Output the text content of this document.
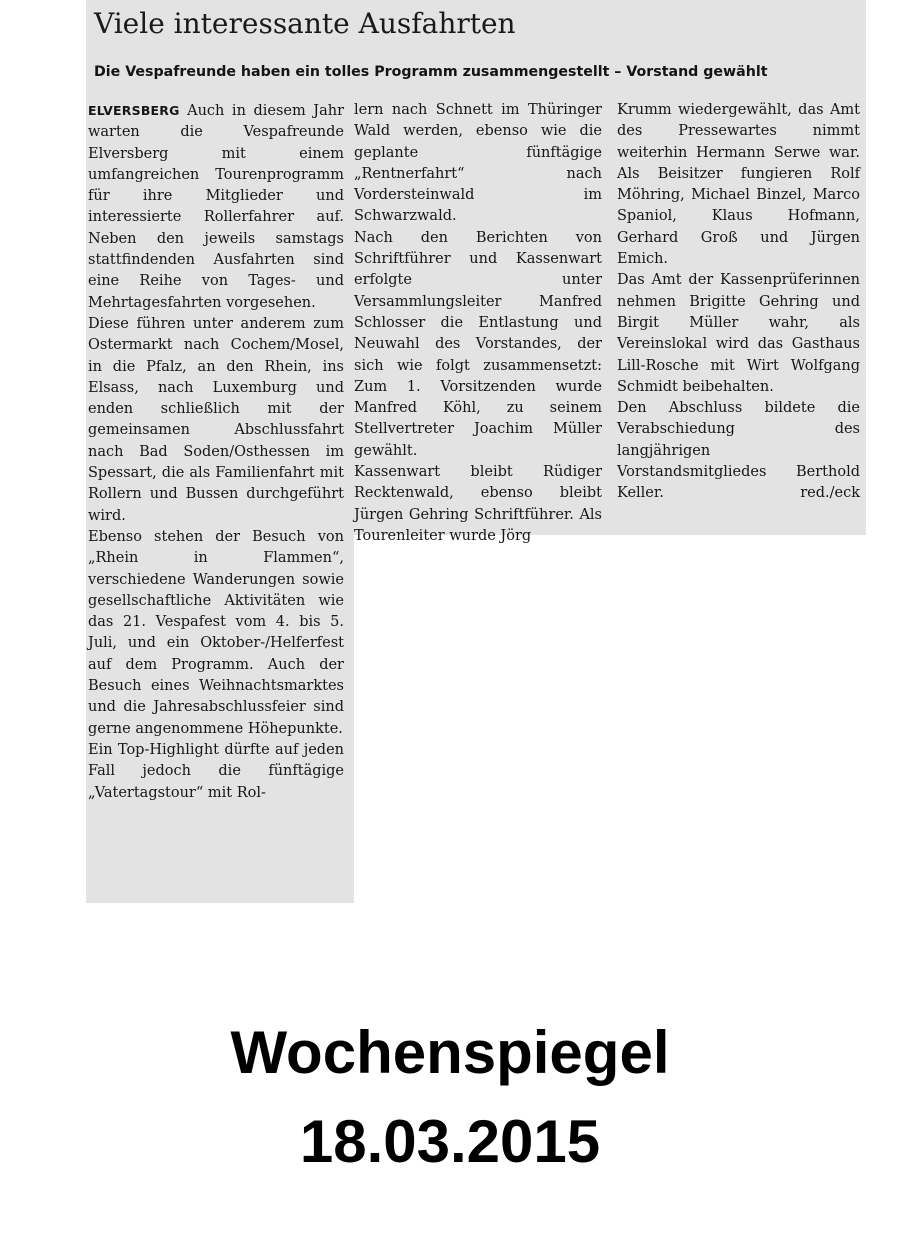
Viele interessante Ausfahrten
Die Vespafreunde haben ein tolles Programm zusammengestellt – Vorstand gewählt

ELVERSBERG Auch in diesem Jahr warten die Vespafreunde Elversberg mit einem umfangreichen Tourenprogramm für ihre Mitglieder und interessierte Rollerfahrer auf. Neben den jeweils samstags stattfindenden Ausfahrten sind eine Reihe von Tages- und Mehrtagesfahrten vorgesehen.

Diese führen unter anderem zum Ostermarkt nach Cochem/Mosel, in die Pfalz, an den Rhein, ins Elsass, nach Luxemburg und enden schließlich mit der gemeinsamen Abschlussfahrt nach Bad Soden/Osthessen im Spessart, die als Familienfahrt mit Rollern und Bussen durchgeführt wird.

Ebenso stehen der Besuch von „Rhein in Flammen“, verschiedene Wanderungen sowie gesellschaftliche Aktivitäten wie das 21. Vespafest vom 4. bis 5. Juli, und ein Oktober-/Helferfest auf dem Programm. Auch der Besuch eines Weihnachtsmarktes und die Jahresabschlussfeier sind gerne angenommene Höhepunkte.

Ein Top-Highlight dürfte auf jeden Fall jedoch die fünftägige „Vatertagstour“ mit Rol-

lern nach Schnett im Thüringer Wald werden, ebenso wie die geplante fünftägige „Rentnerfahrt“ nach Vordersteinwald im Schwarzwald.

Nach den Berichten von Schriftführer und Kassenwart erfolgte unter Versammlungsleiter Manfred Schlosser die Entlastung und Neuwahl des Vorstandes, der sich wie folgt zusammensetzt: Zum 1. Vorsitzenden wurde Manfred Köhl, zu seinem Stellvertreter Joachim Müller gewählt.

Kassenwart bleibt Rüdiger Recktenwald, ebenso bleibt Jürgen Gehring Schriftführer. Als Tourenleiter wurde Jörg

Krumm wiedergewählt, das Amt des Pressewartes nimmt weiterhin Hermann Serwe war. Als Beisitzer fungieren Rolf Möhring, Michael Binzel, Marco Spaniol, Klaus Hofmann, Gerhard Groß und Jürgen Emich.

Das Amt der Kassenprüferinnen nehmen Brigitte Gehring und Birgit Müller wahr, als Vereinslokal wird das Gasthaus Lill-Rosche mit Wirt Wolfgang Schmidt beibehalten.

Den Abschluss bildete die Verabschiedung des langjährigen Vorstandsmitgliedes Berthold Keller.	red./eck

Wochenspiegel
18.03.2015
